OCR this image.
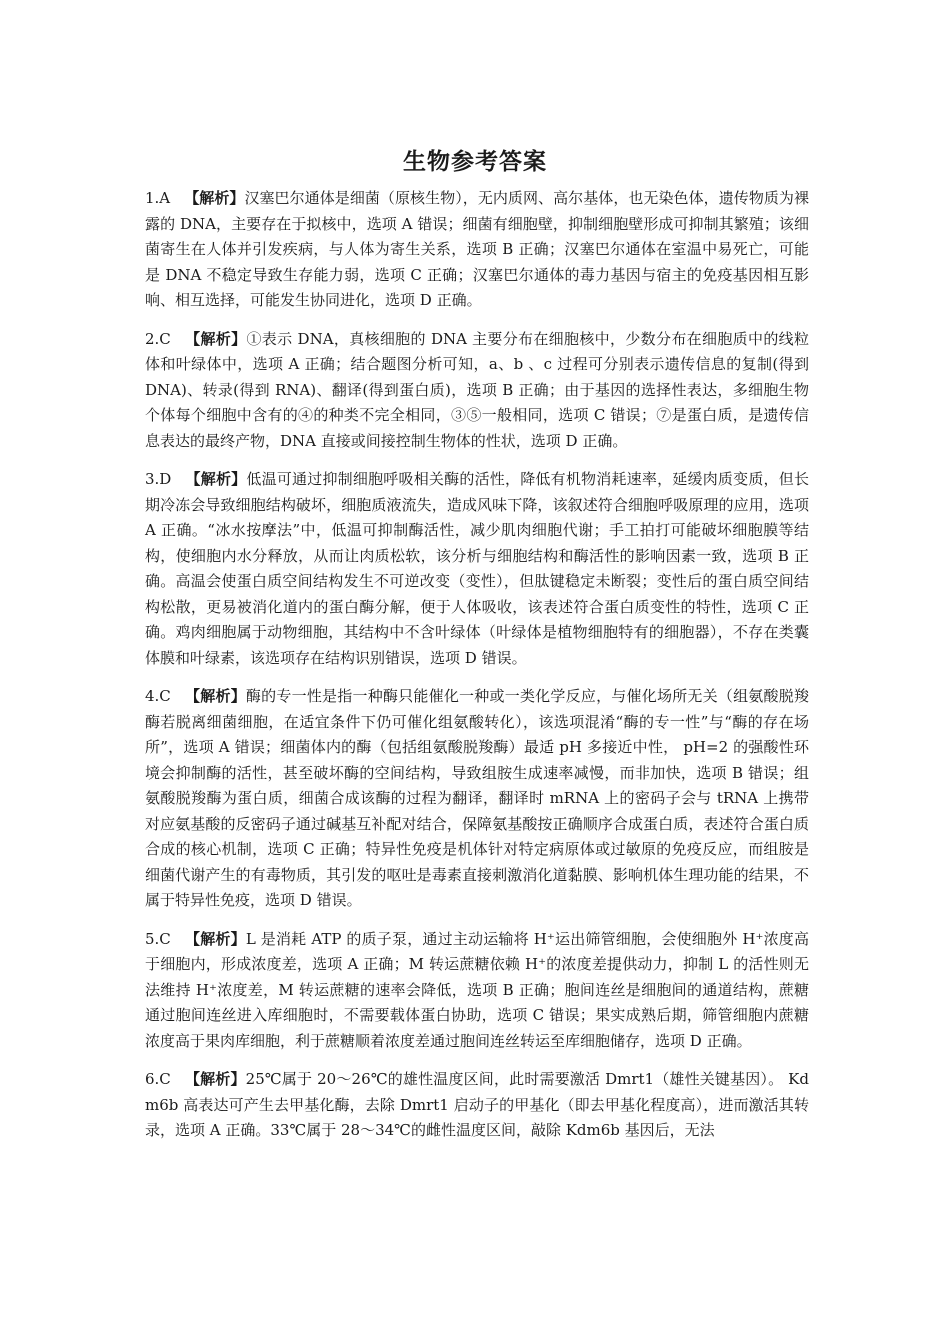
生物参考答案

1.A 【解析】汉塞巴尔通体是细菌（原核生物），无内质网、高尔基体，也无染色体，遗传物质为裸露的 DNA，主要存在于拟核中，选项 A 错误；细菌有细胞壁，抑制细胞壁形成可抑制其繁殖；该细菌寄生在人体并引发疾病，与人体为寄生关系，选项 B 正确；汉塞巴尔通体在室温中易死亡，可能是 DNA 不稳定导致生存能力弱，选项 C 正确；汉塞巴尔通体的毒力基因与宿主的免疫基因相互影响、相互选择，可能发生协同进化，选项 D 正确。

2.C 【解析】①表示 DNA，真核细胞的 DNA 主要分布在细胞核中，少数分布在细胞质中的线粒体和叶绿体中，选项 A 正确；结合题图分析可知，a、b 、c 过程可分别表示遗传信息的复制(得到 DNA)、转录(得到 RNA)、翻译(得到蛋白质)，选项 B 正确；由于基因的选择性表达，多细胞生物个体每个细胞中含有的④的种类不完全相同，③⑤一般相同，选项 C 错误；⑦是蛋白质，是遗传信息表达的最终产物，DNA 直接或间接控制生物体的性状，选项 D 正确。

3.D 【解析】低温可通过抑制细胞呼吸相关酶的活性，降低有机物消耗速率，延缓肉质变质，但长期冷冻会导致细胞结构破坏，细胞质液流失，造成风味下降，该叙述符合细胞呼吸原理的应用，选项 A 正确。“冰水按摩法”中，低温可抑制酶活性，减少肌肉细胞代谢；手工拍打可能破坏细胞膜等结构，使细胞内水分释放，从而让肉质松软，该分析与细胞结构和酶活性的影响因素一致，选项 B 正确。高温会使蛋白质空间结构发生不可逆改变（变性），但肽键稳定未断裂；变性后的蛋白质空间结构松散，更易被消化道内的蛋白酶分解，便于人体吸收，该表述符合蛋白质变性的特性，选项 C 正确。鸡肉细胞属于动物细胞，其结构中不含叶绿体（叶绿体是植物细胞特有的细胞器），不存在类囊体膜和叶绿素，该选项存在结构识别错误，选项 D 错误。

4.C 【解析】酶的专一性是指一种酶只能催化一种或一类化学反应，与催化场所无关（组氨酸脱羧酶若脱离细菌细胞，在适宜条件下仍可催化组氨酸转化），该选项混淆“酶的专一性”与“酶的存在场所”，选项 A 错误；细菌体内的酶（包括组氨酸脱羧酶）最适 pH 多接近中性， pH=2 的强酸性环境会抑制酶的活性，甚至破坏酶的空间结构，导致组胺生成速率减慢，而非加快，选项 B 错误；组氨酸脱羧酶为蛋白质，细菌合成该酶的过程为翻译，翻译时 mRNA 上的密码子会与 tRNA 上携带对应氨基酸的反密码子通过碱基互补配对结合，保障氨基酸按正确顺序合成蛋白质，表述符合蛋白质合成的核心机制，选项 C 正确；特异性免疫是机体针对特定病原体或过敏原的免疫反应，而组胺是细菌代谢产生的有毒物质，其引发的呕吐是毒素直接刺激消化道黏膜、影响机体生理功能的结果，不属于特异性免疫，选项 D 错误。

5.C 【解析】L 是消耗 ATP 的质子泵，通过主动运输将 H⁺运出筛管细胞，会使细胞外 H⁺浓度高于细胞内，形成浓度差，选项 A 正确；M 转运蔗糖依赖 H⁺的浓度差提供动力，抑制 L 的活性则无法维持 H⁺浓度差，M 转运蔗糖的速率会降低，选项 B 正确；胞间连丝是细胞间的通道结构，蔗糖通过胞间连丝进入库细胞时，不需要载体蛋白协助，选项 C 错误；果实成熟后期，筛管细胞内蔗糖浓度高于果肉库细胞，利于蔗糖顺着浓度差通过胞间连丝转运至库细胞储存，选项 D 正确。

6.C 【解析】25℃属于 20～26℃的雄性温度区间，此时需要激活 Dmrt1（雄性关键基因）。 Kdm6b 高表达可产生去甲基化酶，去除 Dmrt1 启动子的甲基化（即去甲基化程度高），进而激活其转录，选项 A 正确。33℃属于 28～34℃的雌性温度区间，敲除 Kdm6b 基因后，无法
